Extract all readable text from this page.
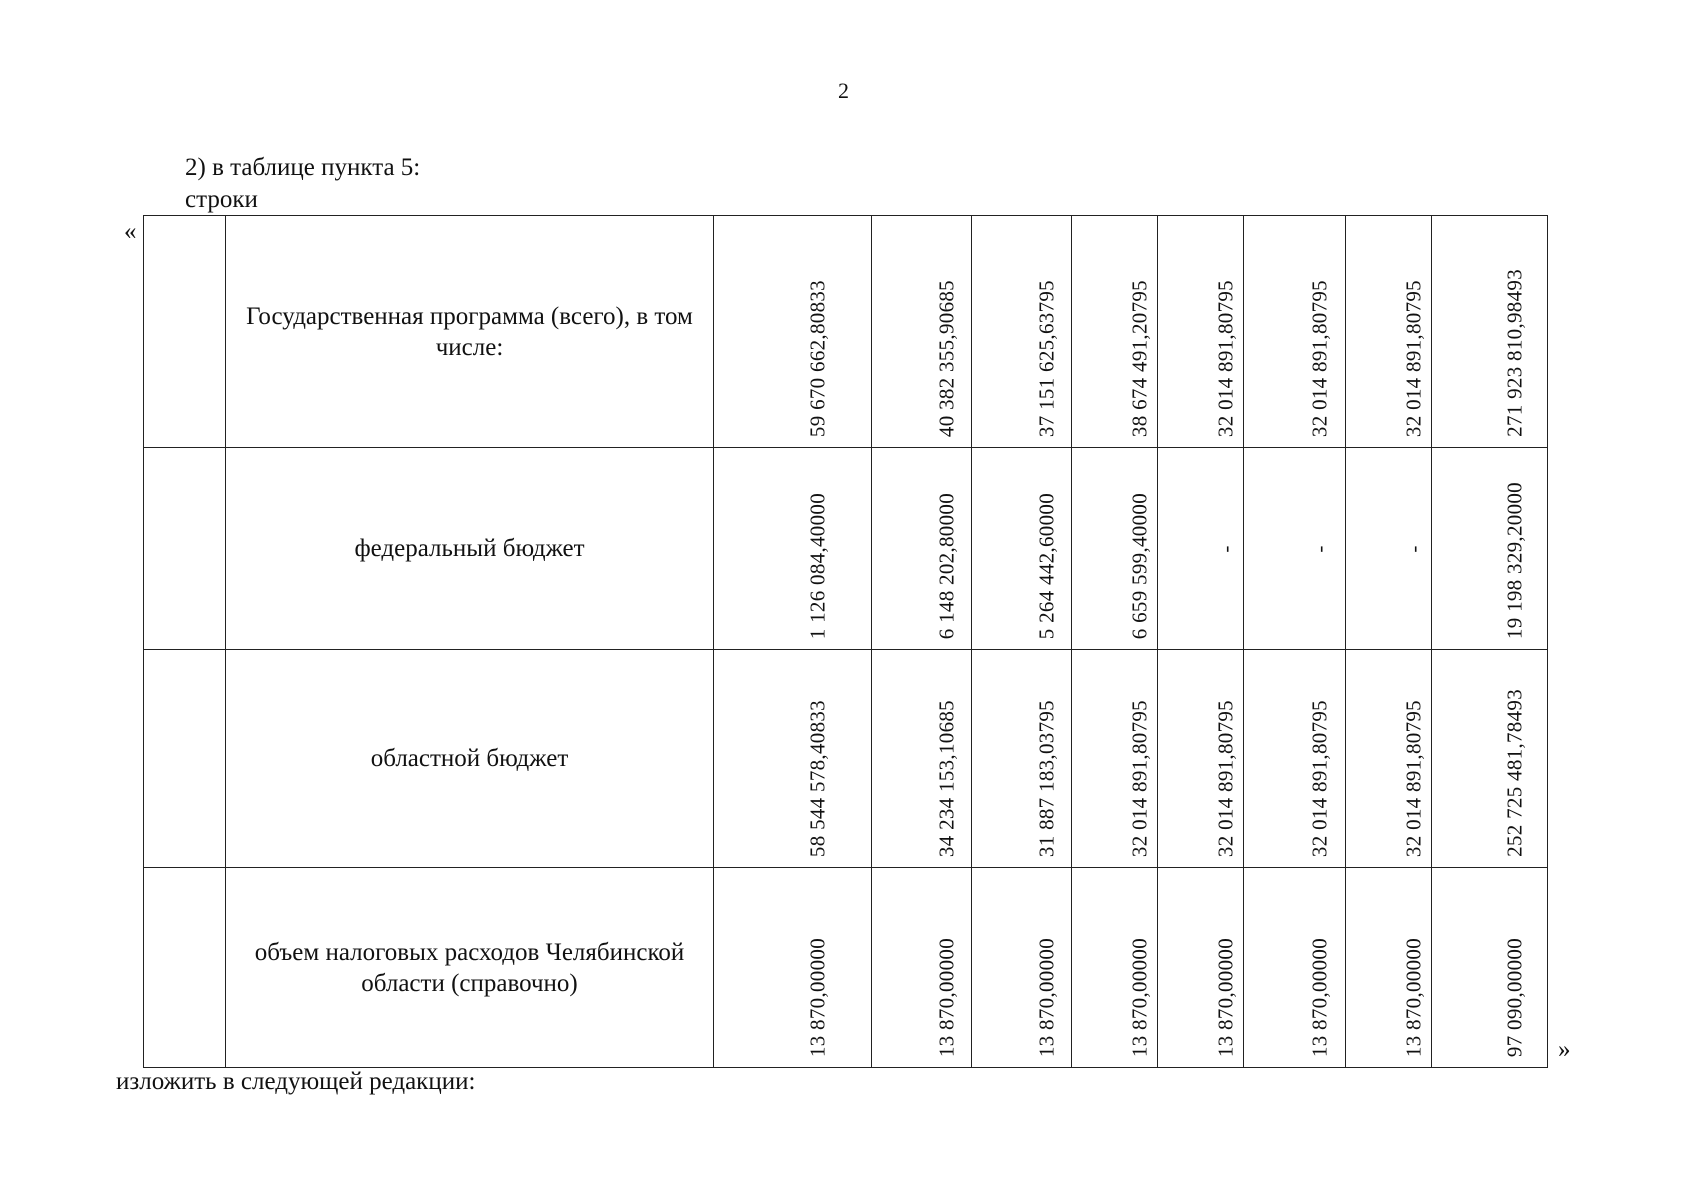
2
2) в таблице пункта 5:
строки
«
	Государственная программа (всего), в том числе:	59 670 662,80833	40 382 355,90685	37 151 625,63795	38 674 491,20795	32 014 891,80795	32 014 891,80795	32 014 891,80795	271 923 810,98493

	федеральный бюджет	1 126 084,40000	6 148 202,80000	5 264 442,60000	6 659 599,40000	-	-	-	19 198 329,20000

	областной бюджет	58 544 578,40833	34 234 153,10685	31 887 183,03795	32 014 891,80795	32 014 891,80795	32 014 891,80795	32 014 891,80795	252 725 481,78493

	объем налоговых расходов Челябинской области (справочно)	13 870,00000	13 870,00000	13 870,00000	13 870,00000	13 870,00000	13 870,00000	13 870,00000	97 090,00000 »
изложить в следующей редакции:
